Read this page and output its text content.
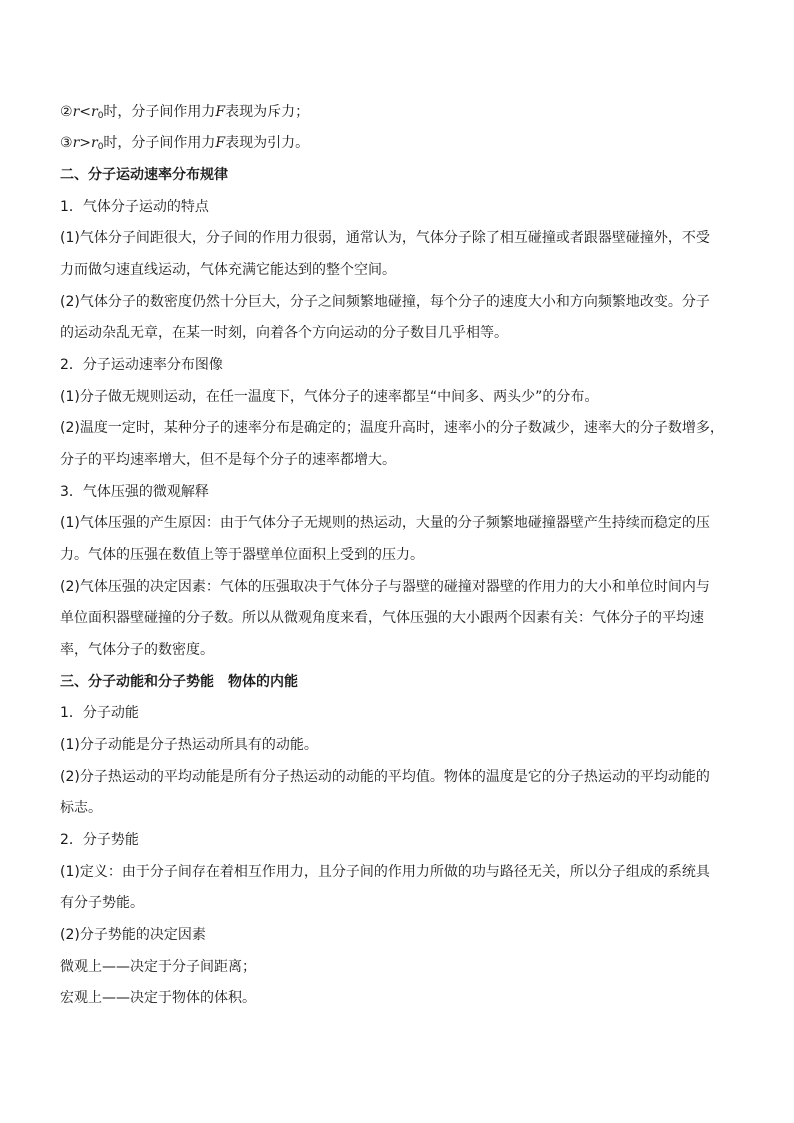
$②r<r_0$时，分子间作用力F表现为斥力；
$③r>r_0$时，分子间作用力F表现为引力。
二、分子运动速率分布规律
1．气体分子运动的特点
(1)气体分子间距很大，分子间的作用力很弱，通常认为，气体分子除了相互碰撞或者跟器壁碰撞外，不受
力而做匀速直线运动，气体充满它能达到的整个空间。
(2)气体分子的数密度仍然十分巨大，分子之间频繁地碰撞，每个分子的速度大小和方向频繁地改变。分子
的运动杂乱无章，在某一时刻，向着各个方向运动的分子数目几乎相等。
2．分子运动速率分布图像
(1)分子做无规则运动，在任一温度下，气体分子的速率都呈“中间多、两头少”的分布。
(2)温度一定时，某种分子的速率分布是确定的；温度升高时，速率小的分子数减少，速率大的分子数增多，
分子的平均速率增大，但不是每个分子的速率都增大。
3．气体压强的微观解释
(1)气体压强的产生原因：由于气体分子无规则的热运动，大量的分子频繁地碰撞器壁产生持续而稳定的压
力。气体的压强在数值上等于器壁单位面积上受到的压力。
(2)气体压强的决定因素：气体的压强取决于气体分子与器壁的碰撞对器壁的作用力的大小和单位时间内与
单位面积器壁碰撞的分子数。所以从微观角度来看，气体压强的大小跟两个因素有关：气体分子的平均速
率，气体分子的数密度。
三、分子动能和分子势能　物体的内能
1．分子动能
(1)分子动能是分子热运动所具有的动能。
(2)分子热运动的平均动能是所有分子热运动的动能的平均值。物体的温度是它的分子热运动的平均动能的
标志。
2．分子势能
(1)定义：由于分子间存在着相互作用力，且分子间的作用力所做的功与路径无关，所以分子组成的系统具
有分子势能。
(2)分子势能的决定因素
微观上——决定于分子间距离；
宏观上——决定于物体的体积。
